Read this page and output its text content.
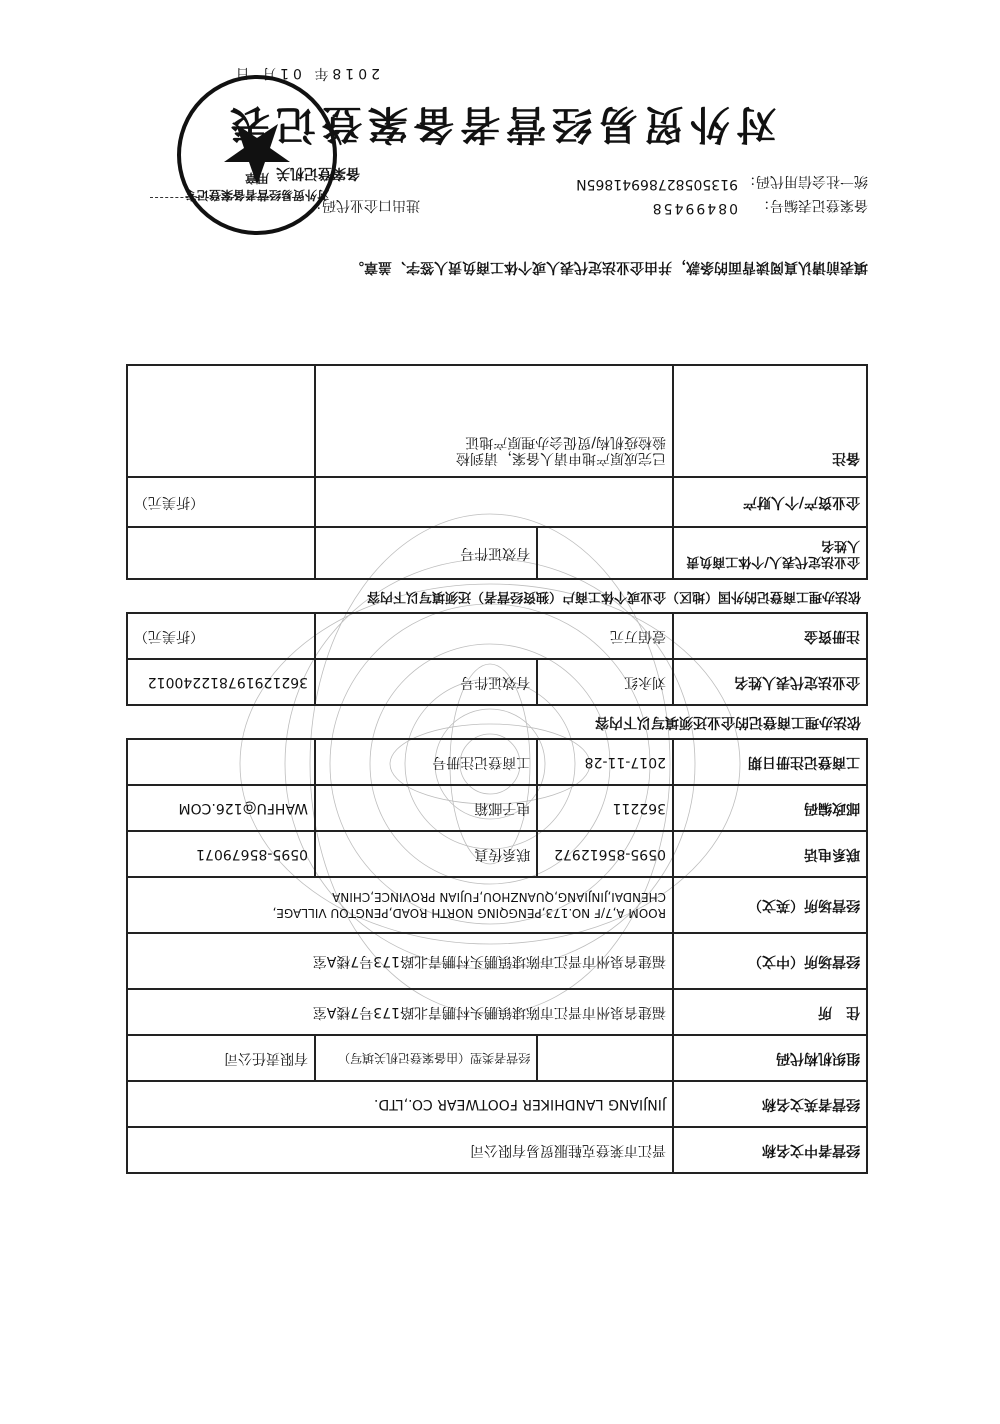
对外贸易经营者备案登记表
统一社会信用代码：
91350582786941865N
备案登记表编号：
08499458
进出口企业代码：
填表前请认真阅读背面的条款，并由企业法定代表人或个体工商负责人签字、盖章。
经营者中文名称	晋江市莱登克鞋服贸易有限公司		
经营者英文名称	JINJIANG LANDHIKER FOOTWEAR CO.,LTD.		
组织机构代码		经营者类型（由备案登记机关填写）	有限责任公司
住　所	福建省泉州市晋江市陈埭镇鹏头村鹏青北路173号7楼A室		
经营场所（中文）	福建省泉州市晋江市陈埭镇鹏头村鹏青北路173号7楼A室		
经营场所（英文）	ROOM A,7/F NO.173,PENGQING NORTH ROAD,PENGTOU VILLAGE,
CHENDAI,JINJIANG,QUANZHOU,FUJIAN PROVINCE,CHINA		

联系电话	0595-85612972	联系传真	0595-85679071
邮政编码	362211	电子邮箱	WAHFU@126.COM
工商登记注册日期	2017-11-28	工商登记注册号	
依法办理工商登记的企业还须填写以下内容			
企业法定代表人姓名	刘永红	有效证件号	362129197812240012
注册资金	壹佰万元		（折美元）
依法办理工商登记的外国（地区）企业或个体工商户（独资经营者）还须填写以下内容			
企业法定代表人/个体工商负责人姓名		有效证件号	
企业资产/个人财产			（折美元）
备注	已完成原产地申请人备案，请到检
验检疫机构/贸促会办理原产地证		

备案登记机关
2018年 01月 日
对外贸易经营者备案登记专用章
